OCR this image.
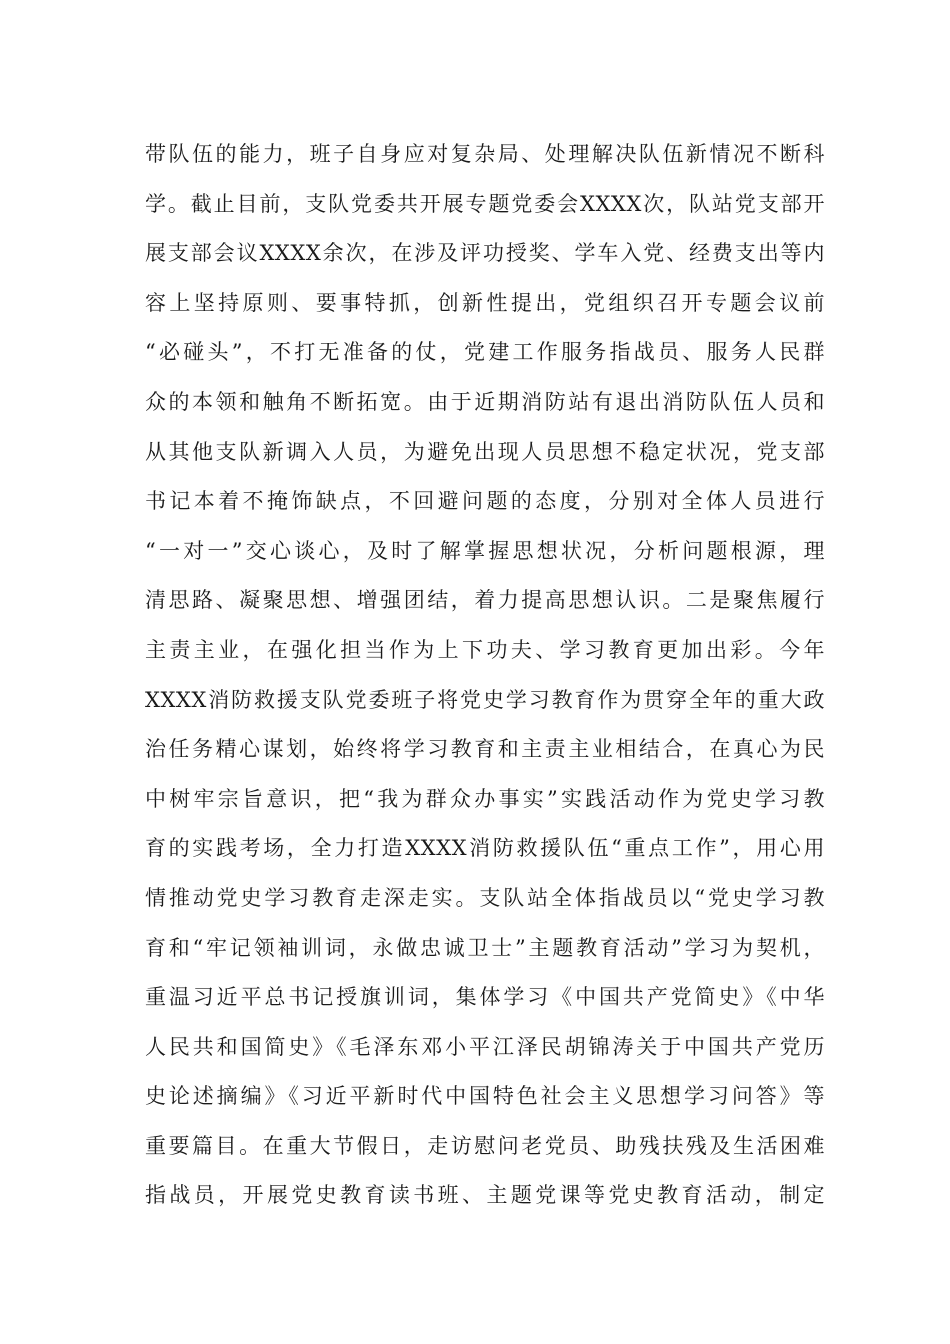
带队伍的能力，班子自身应对复杂局、处理解决队伍新情况不断科
学。截止目前，支队党委共开展专题党委会XXXX次，队站党支部开
展支部会议XXXX余次，在涉及评功授奖、学车入党、经费支出等内
容上坚持原则、要事特抓，创新性提出，党组织召开专题会议前
“必碰头”，不打无准备的仗，党建工作服务指战员、服务人民群
众的本领和触角不断拓宽。由于近期消防站有退出消防队伍人员和
从其他支队新调入人员，为避免出现人员思想不稳定状况，党支部
书记本着不掩饰缺点，不回避问题的态度，分别对全体人员进行
“一对一”交心谈心，及时了解掌握思想状况，分析问题根源，理
清思路、凝聚思想、增强团结，着力提高思想认识。二是聚焦履行
主责主业，在强化担当作为上下功夫、学习教育更加出彩。今年
XXXX消防救援支队党委班子将党史学习教育作为贯穿全年的重大政
治任务精心谋划，始终将学习教育和主责主业相结合，在真心为民
中树牢宗旨意识，把“我为群众办事实”实践活动作为党史学习教
育的实践考场，全力打造XXXX消防救援队伍“重点工作”，用心用
情推动党史学习教育走深走实。支队站全体指战员以“党史学习教
育和“牢记领袖训词，永做忠诚卫士”主题教育活动”学习为契机，
重温习近平总书记授旗训词，集体学习《中国共产党简史》《中华
人民共和国简史》《毛泽东邓小平江泽民胡锦涛关于中国共产党历
史论述摘编》《习近平新时代中国特色社会主义思想学习问答》等
重要篇目。在重大节假日，走访慰问老党员、助残扶残及生活困难
指战员，开展党史教育读书班、主题党课等党史教育活动，制定
